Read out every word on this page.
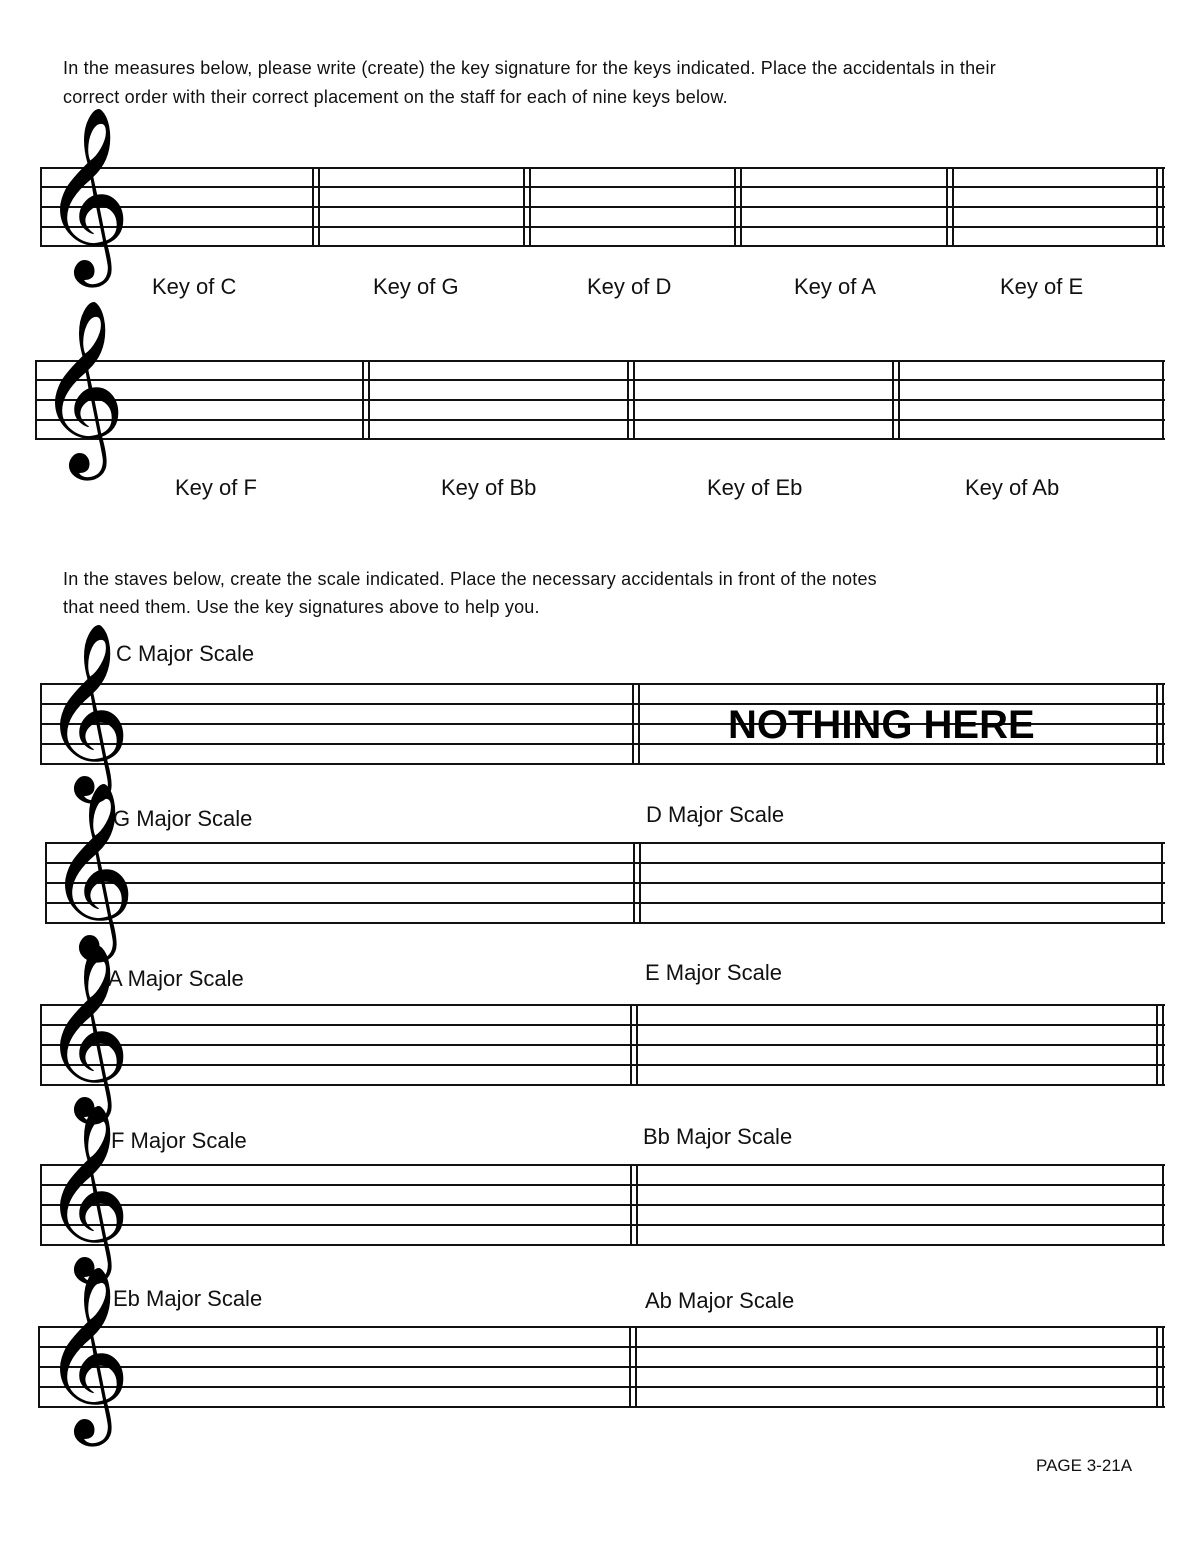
In the measures below, please write (create) the key signature for the keys indicated. Place the accidentals in their
correct order with their correct placement on the staff for each of nine keys below.
𝄞
Key of C	Key of G	Key of D	Key of A	Key of E
𝄞
Key of F	Key of Bb	Key of Eb	Key of Ab
In the staves below, create the scale indicated. Place the necessary accidentals in front of the notes
that need them. Use the key signatures above to help you.
C Major Scale
𝄞	NOTHING HERE
G Major Scale	D Major Scale
𝄞
A Major Scale	E Major Scale
𝄞
F Major Scale	Bb Major Scale
𝄞
Eb Major Scale	Ab Major Scale
𝄞
PAGE 3-21A
